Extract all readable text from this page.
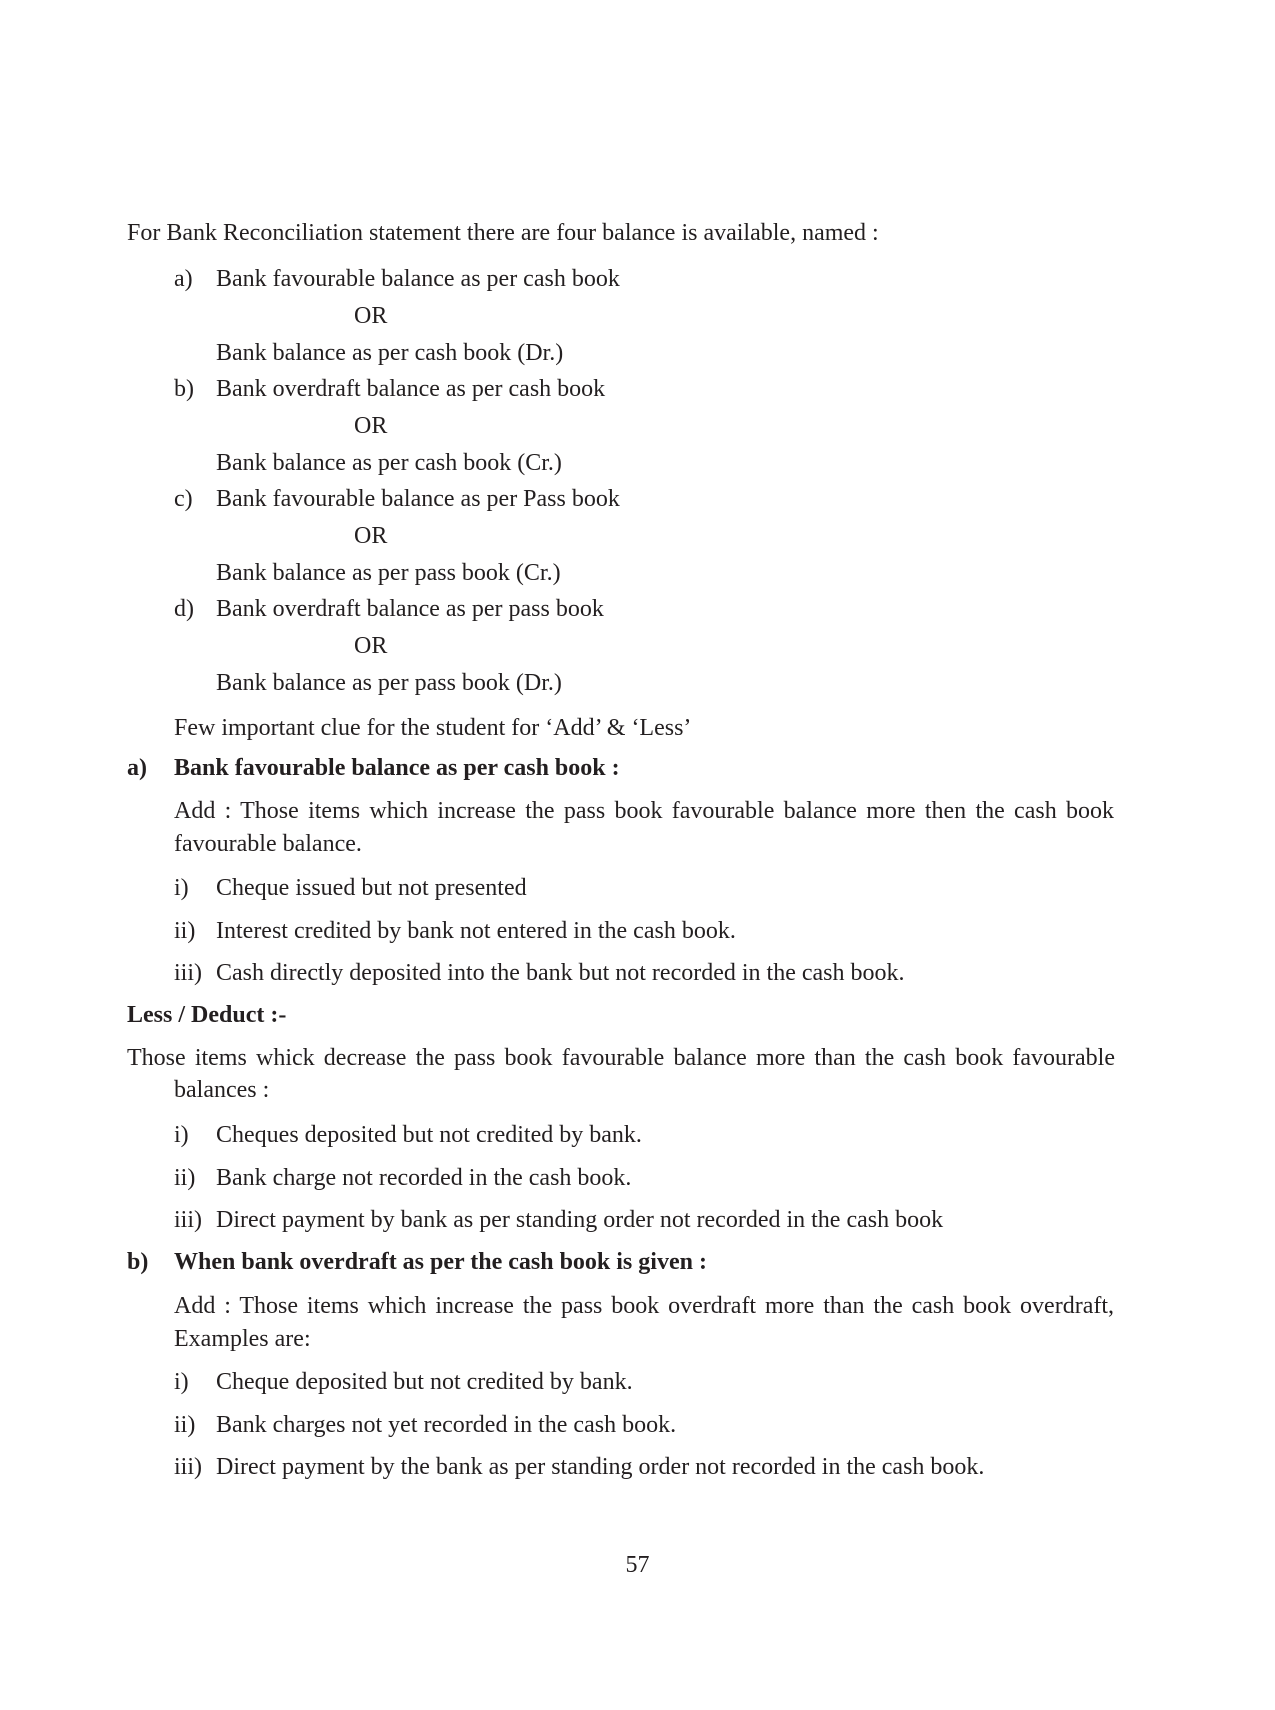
For Bank Reconciliation statement there are four balance is available, named :
a) Bank favourable balance as per cash book
OR
Bank balance as per cash book (Dr.)
b) Bank overdraft balance as per cash book
OR
Bank balance as per cash book (Cr.)
c) Bank favourable balance as per Pass book
OR
Bank balance as per pass book (Cr.)
d) Bank overdraft balance as per pass book
OR
Bank balance as per pass book (Dr.)
Few important clue for the student for ‘Add’ & ‘Less’
a) Bank favourable balance as per cash book :
Add : Those items which increase the pass book favourable balance more then the cash book favourable balance.
i) Cheque issued but not presented
ii) Interest credited by bank not entered in the cash book.
iii) Cash directly deposited into the bank but not recorded in the cash book.
Less / Deduct :-
Those items whick decrease the pass book favourable balance more than the cash book favourable
balances :
i) Cheques deposited but not credited by bank.
ii) Bank charge not recorded in the cash book.
iii) Direct payment by bank as per standing order not recorded in the cash book
b) When bank overdraft as per the cash book is given :
Add : Those items which increase the pass book overdraft more than the cash book overdraft, Examples are:
i) Cheque deposited but not credited by bank.
ii) Bank charges not yet recorded in the cash book.
iii) Direct payment by the bank as per standing order not recorded in the cash book.
57
